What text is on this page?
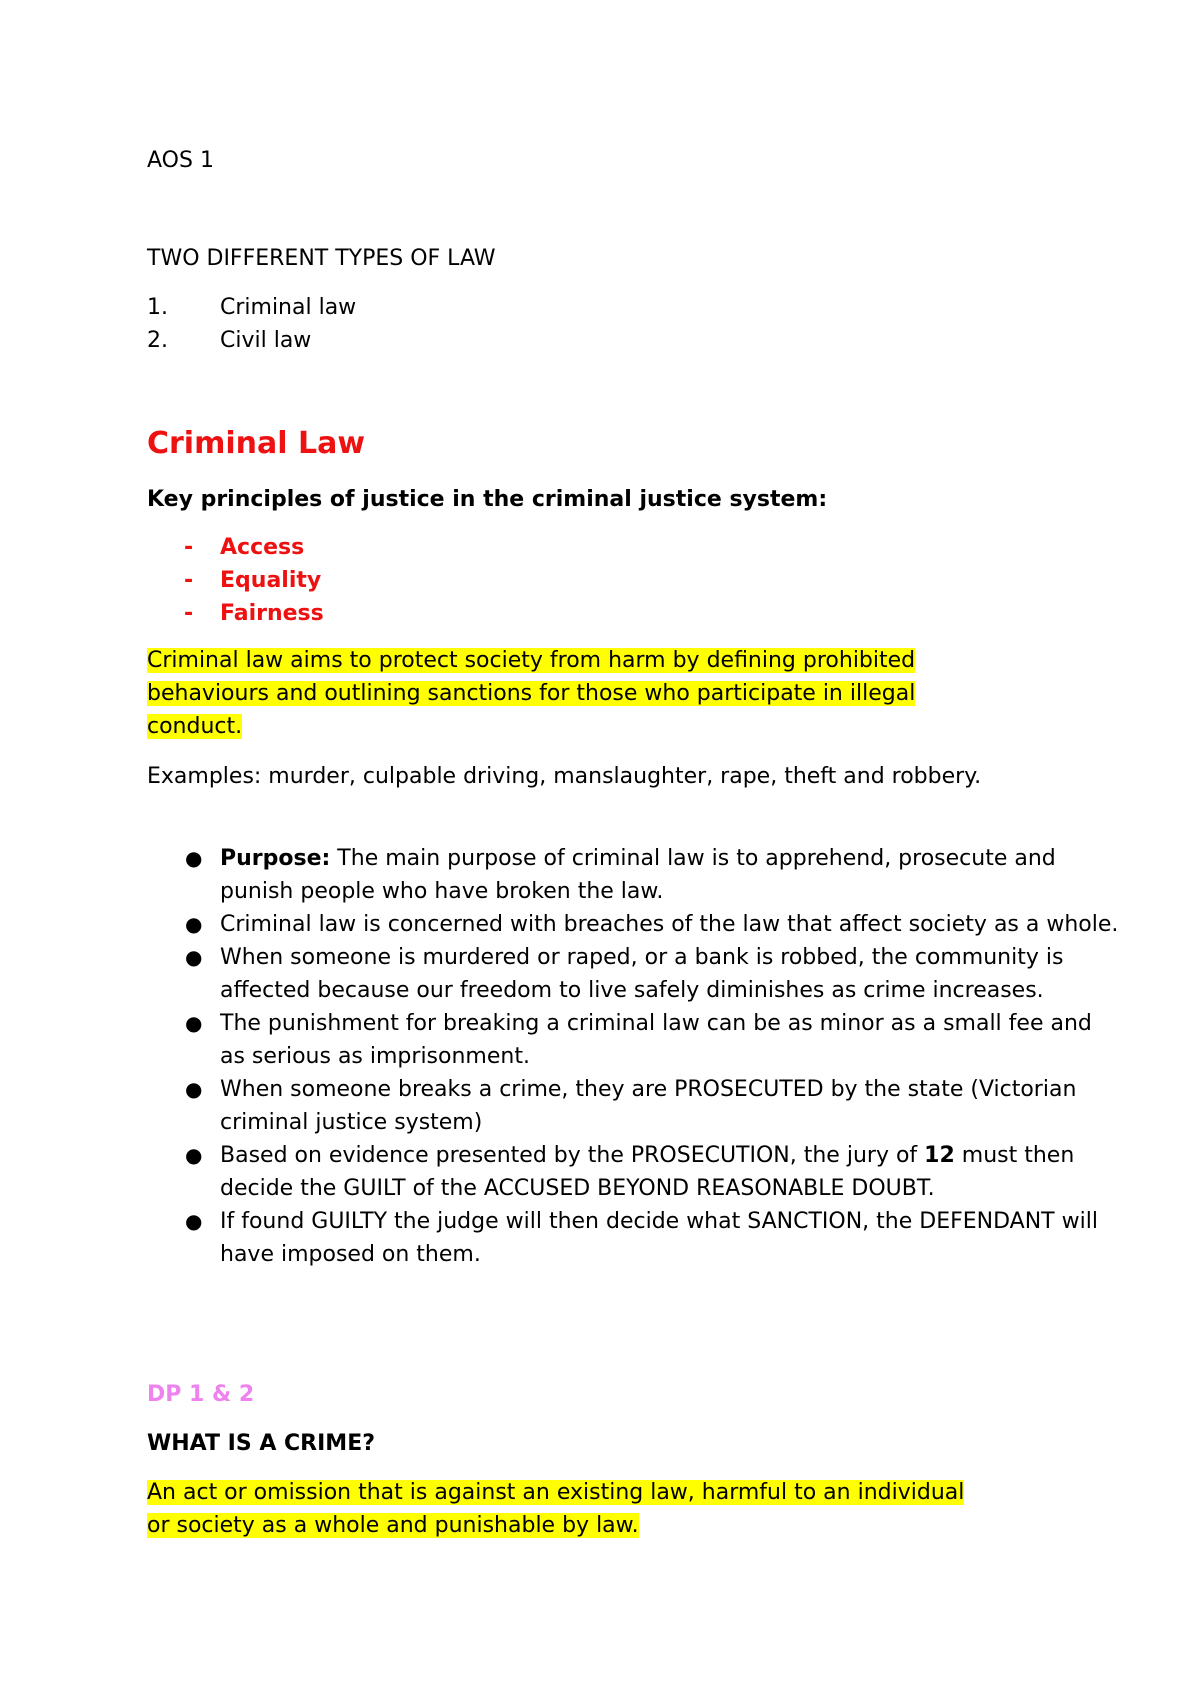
AOS 1

TWO DIFFERENT TYPES OF LAW

1.	Criminal law
2.	Civil law
Criminal Law

Key principles of justice in the criminal justice system:

-	Access
-	Equality
-	Fairness
Criminal law aims to protect society from harm by defining prohibited
behaviours and outlining sanctions for those who participate in illegal
conduct.

Examples: murder, culpable driving, manslaughter, rape, theft and robbery.

● Purpose: The main purpose of criminal law is to apprehend, prosecute and punish people who have broken the law.
● Criminal law is concerned with breaches of the law that affect society as a whole.
● When someone is murdered or raped, or a bank is robbed, the community is affected because our freedom to live safely diminishes as crime increases.
● The punishment for breaking a criminal law can be as minor as a small fee and as serious as imprisonment.
● When someone breaks a crime, they are PROSECUTED by the state (Victorian criminal justice system)
● Based on evidence presented by the PROSECUTION, the jury of 12 must then decide the GUILT of the ACCUSED BEYOND REASONABLE DOUBT.
● If found GUILTY the judge will then decide what SANCTION, the DEFENDANT will have imposed on them.

DP 1 & 2

WHAT IS A CRIME?

An act or omission that is against an existing law, harmful to an individual
or society as a whole and punishable by law.
